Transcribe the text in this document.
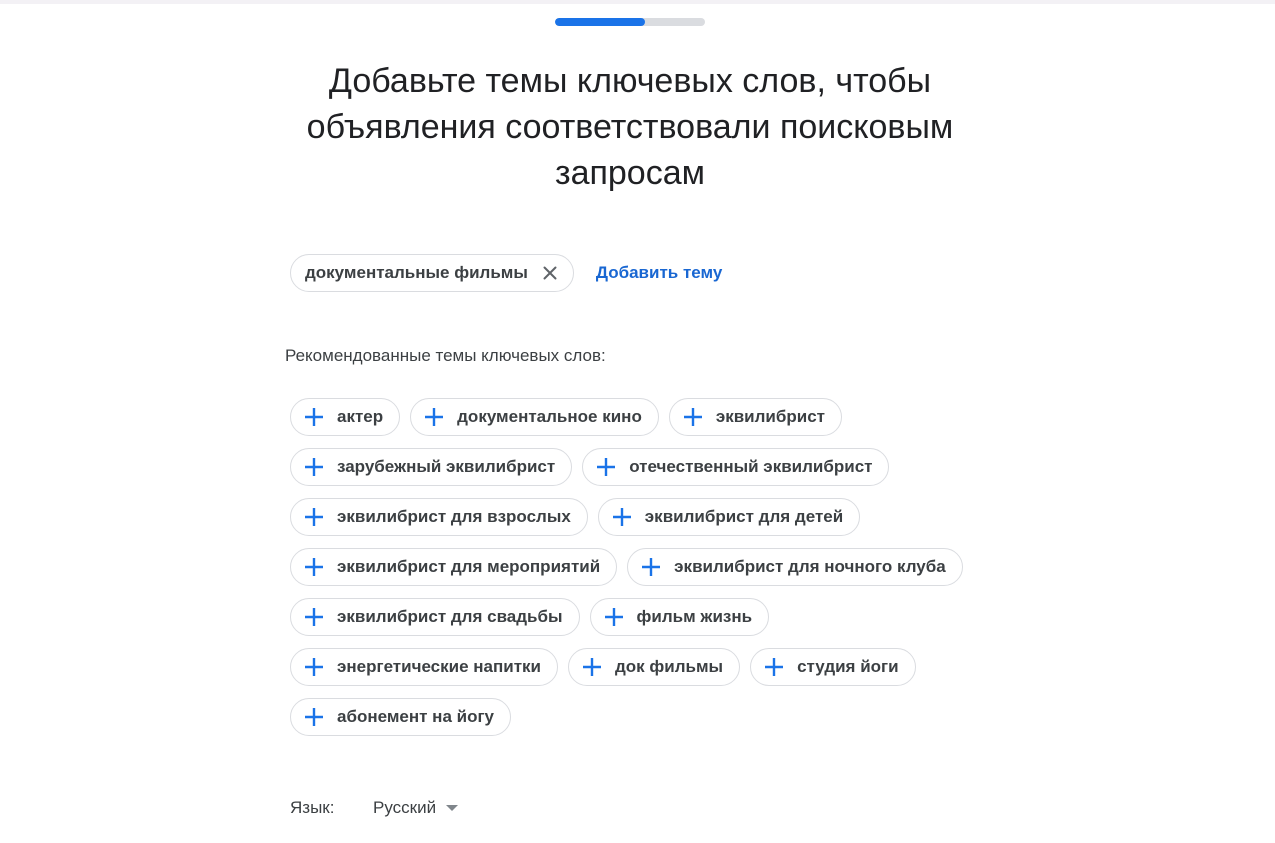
Добавьте темы ключевых слов, чтобы объявления соответствовали поисковым запросам
документальные фильмы	Добавить тему

Рекомендованные темы ключевых слов:

актер	документальное кино	эквилибрист
зарубежный эквилибрист	отечественный эквилибрист
эквилибрист для взрослых	эквилибрист для детей
эквилибрист для мероприятий	эквилибрист для ночного клуба
эквилибрист для свадьбы	фильм жизнь
энергетические напитки	док фильмы	студия йоги
абонемент на йогу
Язык:	Русский
